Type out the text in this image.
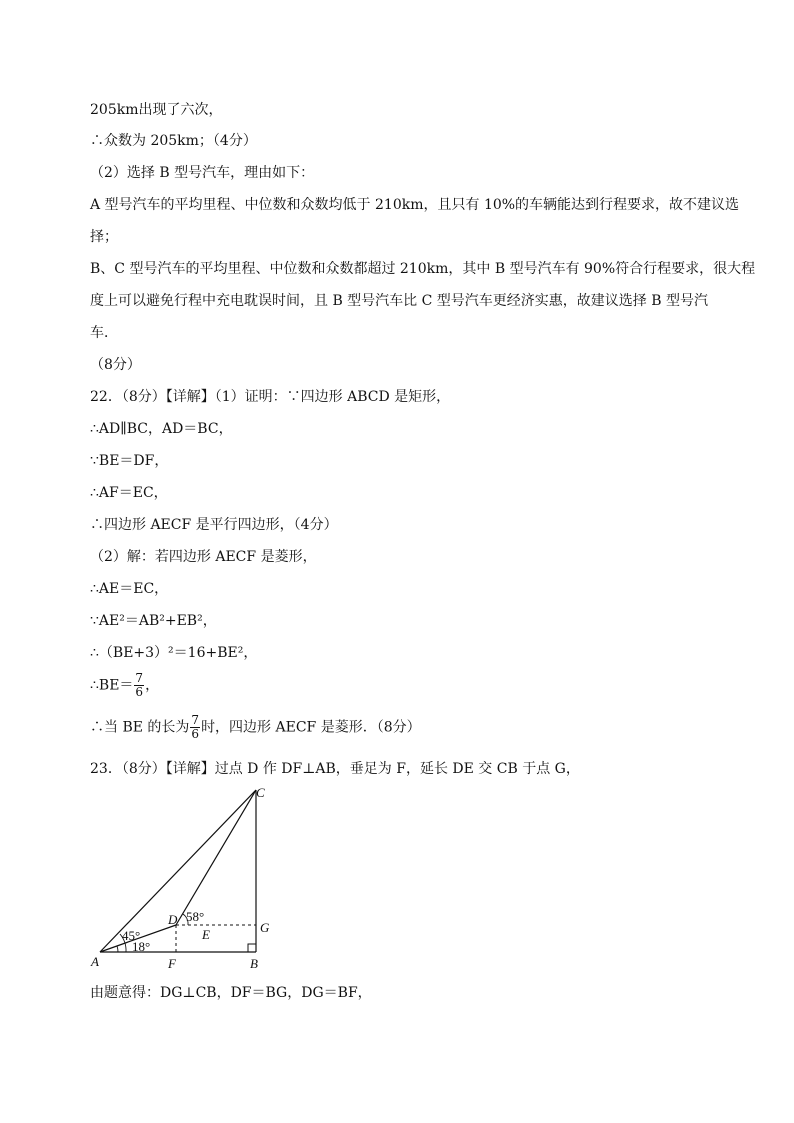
205km出现了六次，
∴众数为 205km；（4分）
（2）选择 B 型号汽车，理由如下：
A 型号汽车的平均里程、中位数和众数均低于 210km，且只有 10%的车辆能达到行程要求，故不建议选
择；
B、C 型号汽车的平均里程、中位数和众数都超过 210km，其中 B 型号汽车有 90%符合行程要求，很大程
度上可以避免行程中充电耽误时间，且 B 型号汽车比 C 型号汽车更经济实惠，故建议选择 B 型号汽
车．
（8分）
22．（8分）【详解】（1）证明：∵四边形 ABCD 是矩形，
∴AD∥BC，AD＝BC，
∵BE＝DF，
∴AF＝EC，
∴四边形 AECF 是平行四边形，（4分）
（2）解：若四边形 AECF 是菱形，
∴AE＝EC，
∵AE²＝AB²+EB²，
∴（BE+3）²＝16+BE²，
∴BE＝ $\frac{7}{6}$ ，
∴当 BE 的长为 $\frac{7}{6}$ 时，四边形 AECF 是菱形．（8分）
23．（8分）【详解】过点 D 作 DF⊥AB，垂足为 F，延长 DE 交 CB 于点 G，
C
D
E	G
A	F	B
45°
18°
58°
由题意得：DG⊥CB，DF＝BG，DG＝BF，
